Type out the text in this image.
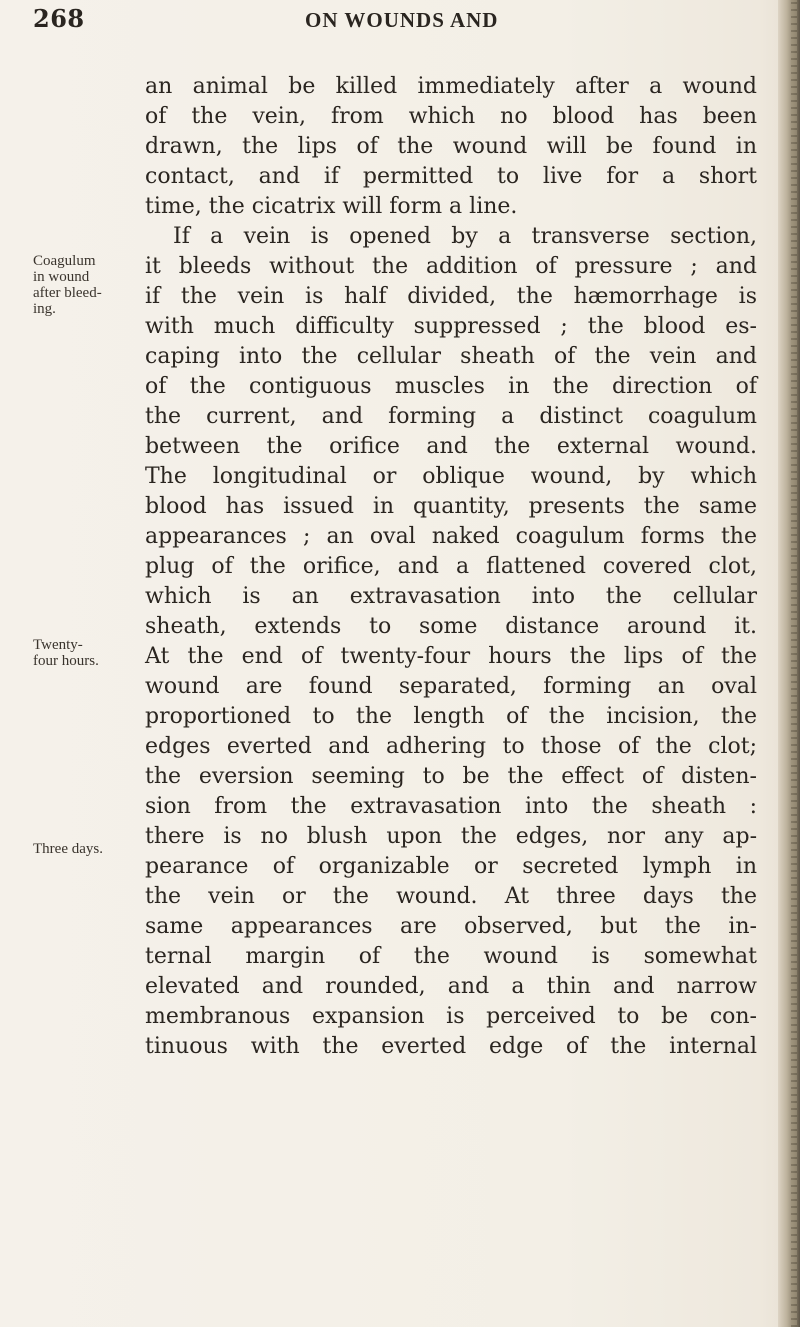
268	ON WOUNDS AND
Coagulum
in wound
after bleed-
ing.
Twenty-
four hours.
Three days.
an animal be killed immediately after a wound
of the vein, from which no blood has been
drawn, the lips of the wound will be found in
contact, and if permitted to live for a short
time, the cicatrix will form a line.
If a vein is opened by a transverse section,
it bleeds without the addition of pressure ; and
if the vein is half divided, the hæmorrhage is
with much difficulty suppressed ; the blood es-
caping into the cellular sheath of the vein and
of the contiguous muscles in the direction of
the current, and forming a distinct coagulum
between the orifice and the external wound.
The longitudinal or oblique wound, by which
blood has issued in quantity, presents the same
appearances ; an oval naked coagulum forms the
plug of the orifice, and a flattened covered clot,
which is an extravasation into the cellular
sheath, extends to some distance around it.
At the end of twenty-four hours the lips of the
wound are found separated, forming an oval
proportioned to the length of the incision, the
edges everted and adhering to those of the clot;
the eversion seeming to be the effect of disten-
sion from the extravasation into the sheath :
there is no blush upon the edges, nor any ap-
pearance of organizable or secreted lymph in
the vein or the wound. At three days the
same appearances are observed, but the in-
ternal margin of the wound is somewhat
elevated and rounded, and a thin and narrow
membranous expansion is perceived to be con-
tinuous with the everted edge of the internal
